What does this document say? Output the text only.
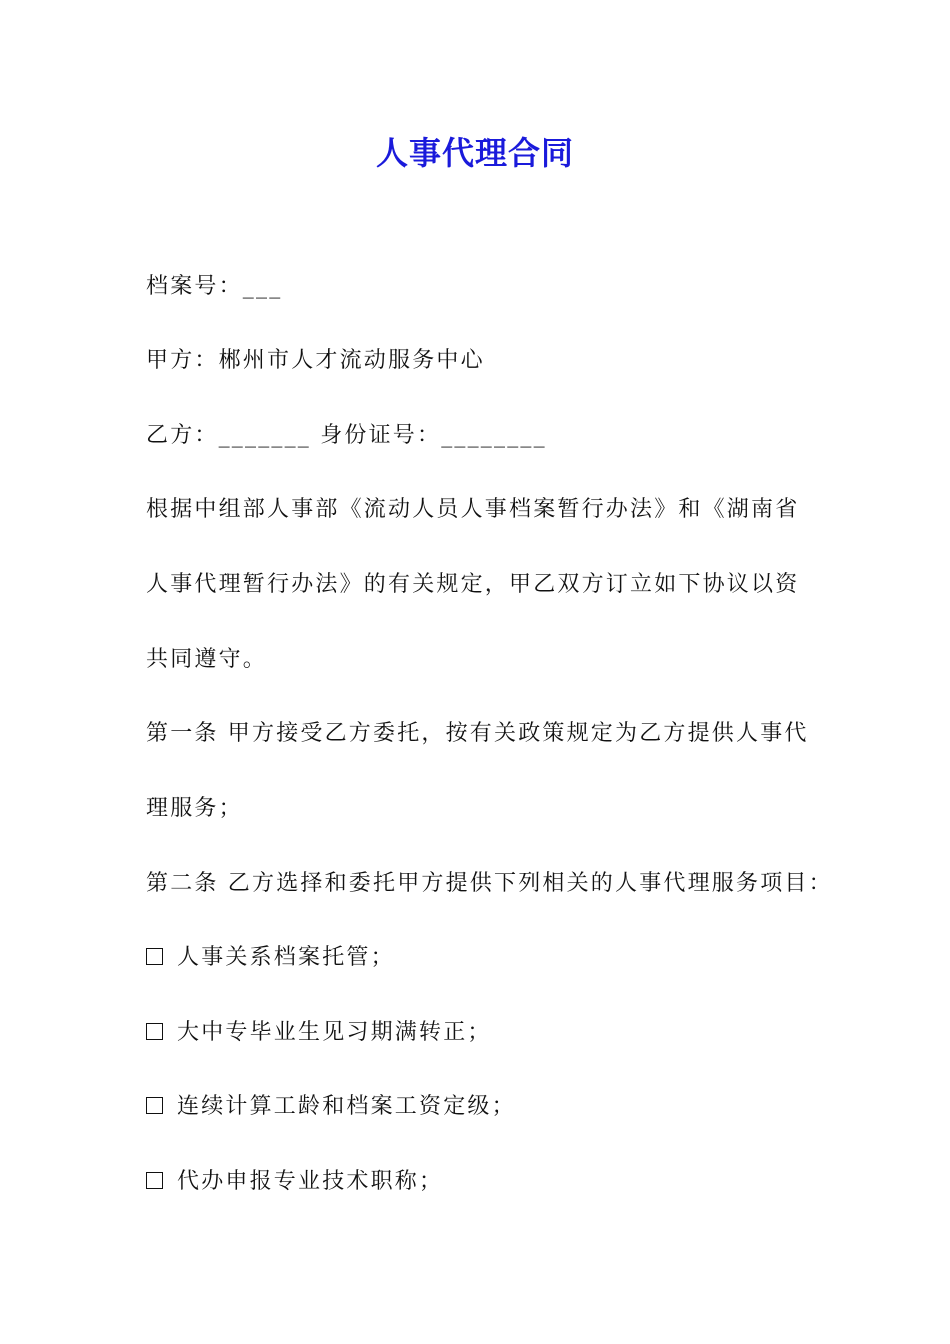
人事代理合同
档案号：___
甲方：郴州市人才流动服务中心
乙方：_______ 身份证号：________
根据中组部人事部《流动人员人事档案暂行办法》和《湖南省
人事代理暂行办法》的有关规定，甲乙双方订立如下协议以资
共同遵守。
第一条 甲方接受乙方委托，按有关政策规定为乙方提供人事代
理服务；
第二条 乙方选择和委托甲方提供下列相关的人事代理服务项目：
人事关系档案托管；
大中专毕业生见习期满转正；
连续计算工龄和档案工资定级；
代办申报专业技术职称；
